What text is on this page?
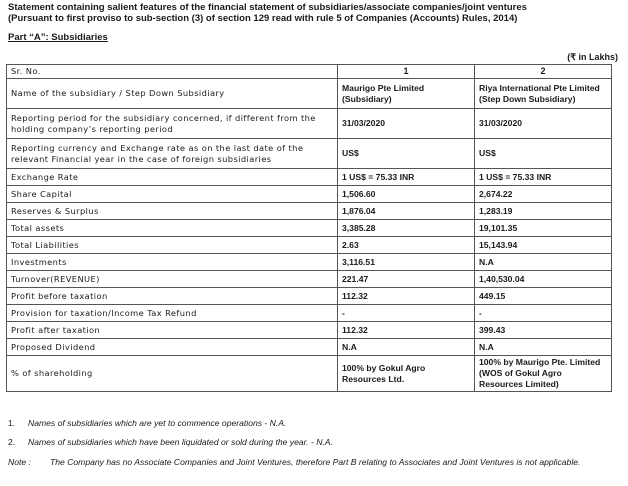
Statement containing salient features of the financial statement of subsidiaries/associate companies/joint ventures
(Pursuant to first proviso to sub-section (3) of section 129 read with rule 5 of Companies (Accounts) Rules, 2014)
Part “A”: Subsidiaries
(₹ in Lakhs)
Sr. No.	1	2
Name of the subsidiary / Step Down Subsidiary	Maurigo Pte Limited (Subsidiary)	Riya International Pte Limited (Step Down Subsidiary)
Reporting period for the subsidiary concerned, if different from the holding company’s reporting period	31/03/2020	31/03/2020
Reporting currency and Exchange rate as on the last date of the relevant Financial year in the case of foreign subsidiaries	US$	US$
Exchange Rate	1 US$ = 75.33 INR	1 US$ = 75.33 INR
Share Capital	1,506.60	2,674.22
Reserves & Surplus	1,876.04	1,283.19
Total assets	3,385.28	19,101.35
Total Liabilities	2.63	15,143.94
Investments	3,116.51	N.A
Turnover(REVENUE)	221.47	1,40,530.04
Profit before taxation	112.32	449.15
Provision for taxation/Income Tax Refund	-	-
Profit after taxation	112.32	399.43
Proposed Dividend	N.A	N.A
% of shareholding	100% by Gokul Agro Resources Ltd.	100% by Maurigo Pte. Limited (WOS of Gokul Agro Resources Limited)
1. Names of subsidiaries which are yet to commence operations - N.A.
2. Names of subsidiaries which have been liquidated or sold during the year. - N.A.
Note : The Company has no Associate Companies and Joint Ventures, therefore Part B relating to Associates and Joint Ventures is not applicable.
